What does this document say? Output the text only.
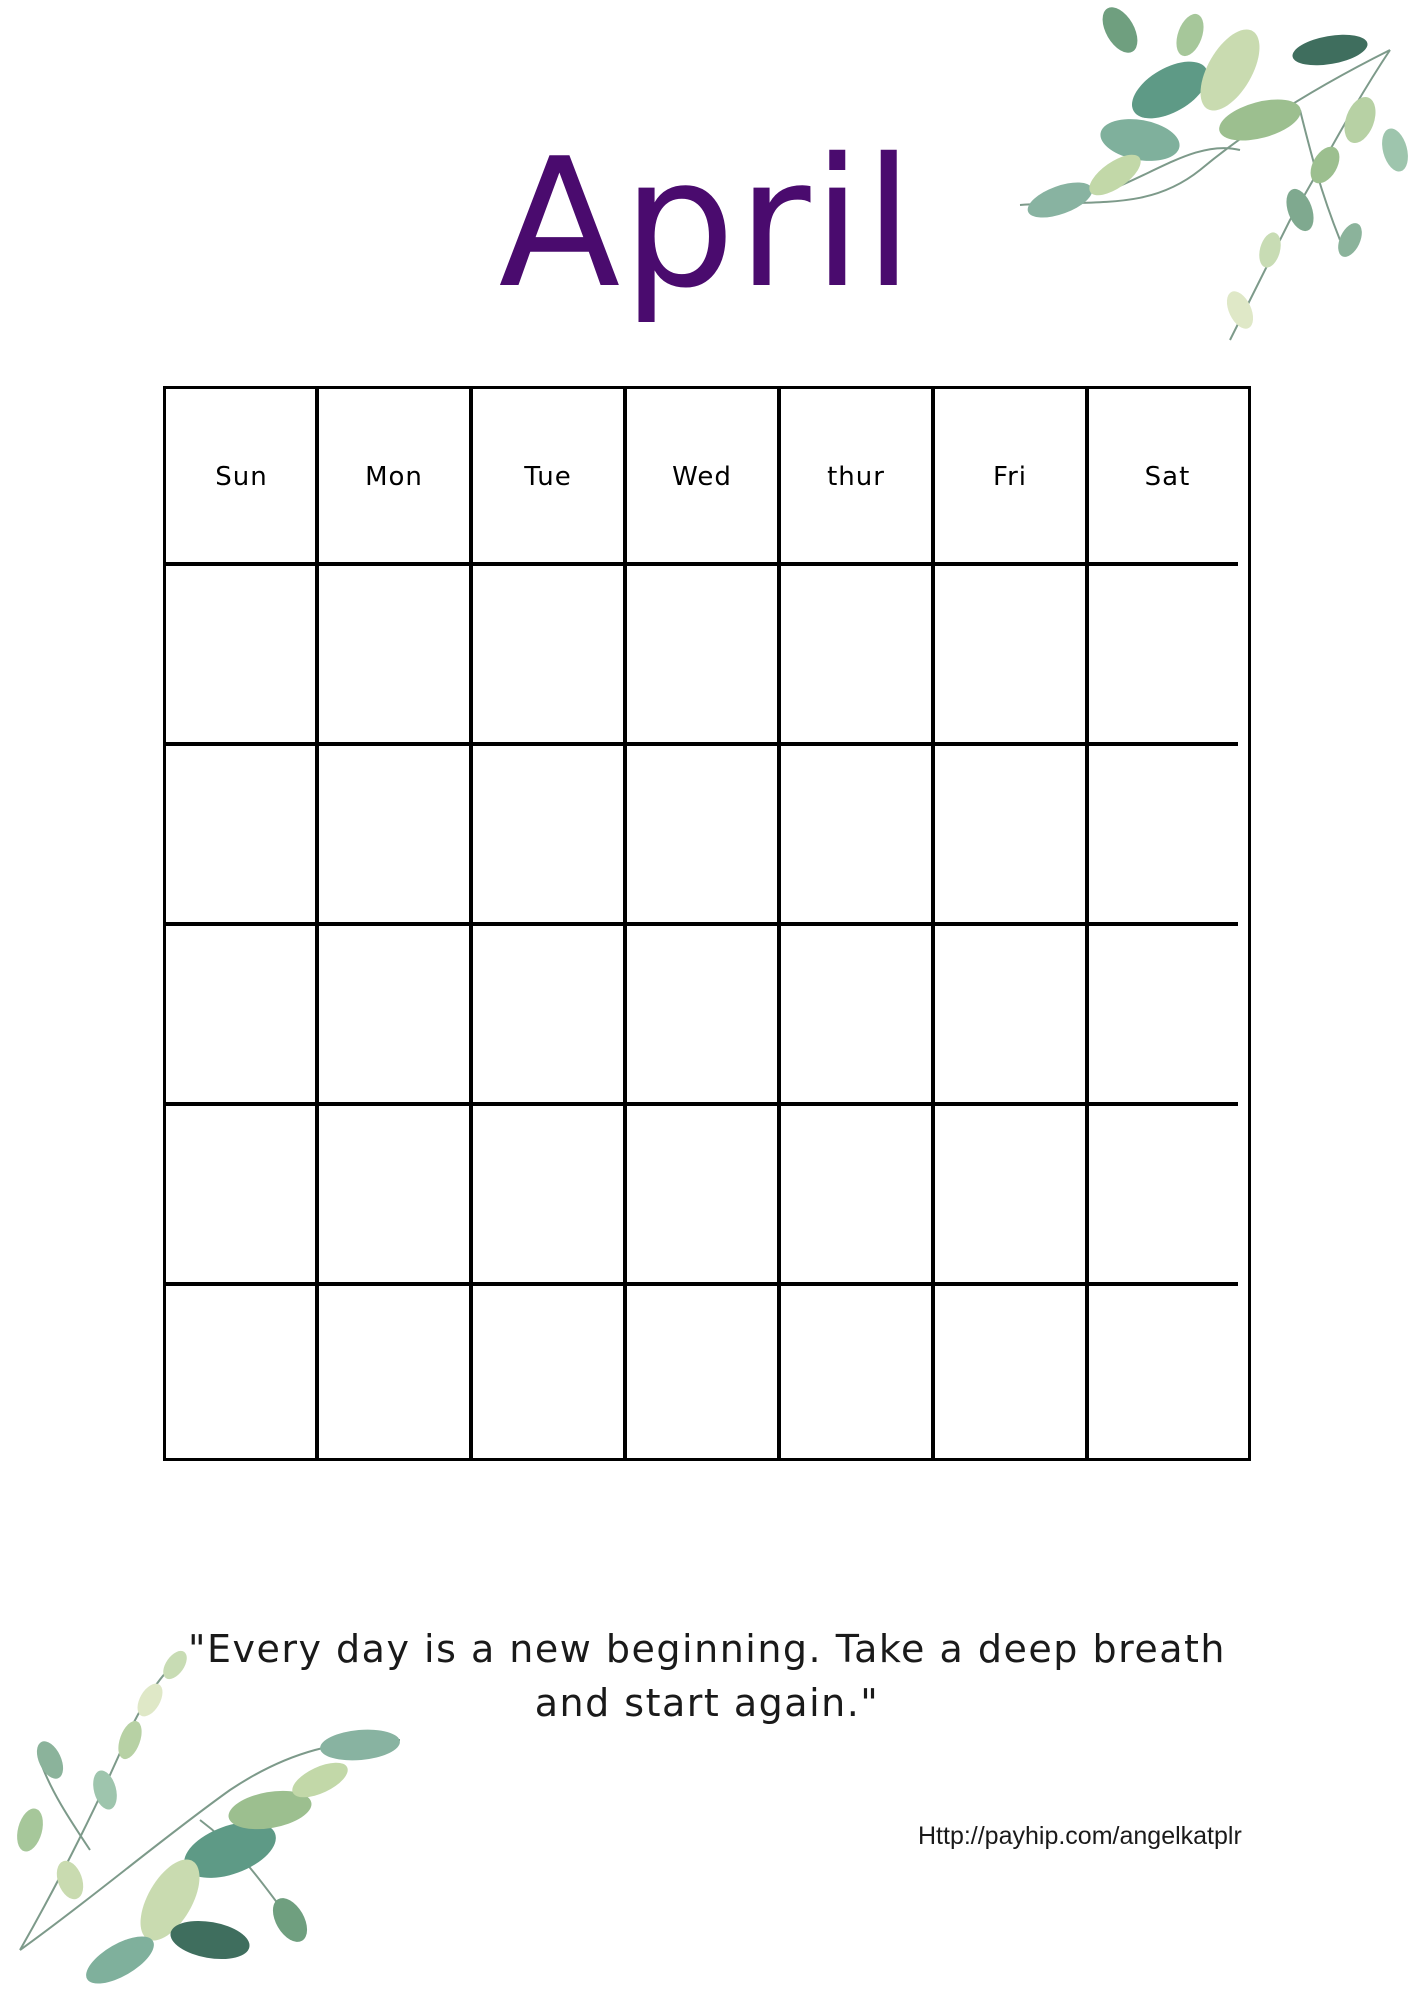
April
Sun	Mon	Tue	Wed	thur	Fri	Sat
"Every day is a new beginning. Take a deep breath
and start again."
Http://payhip.com/angelkatplr
